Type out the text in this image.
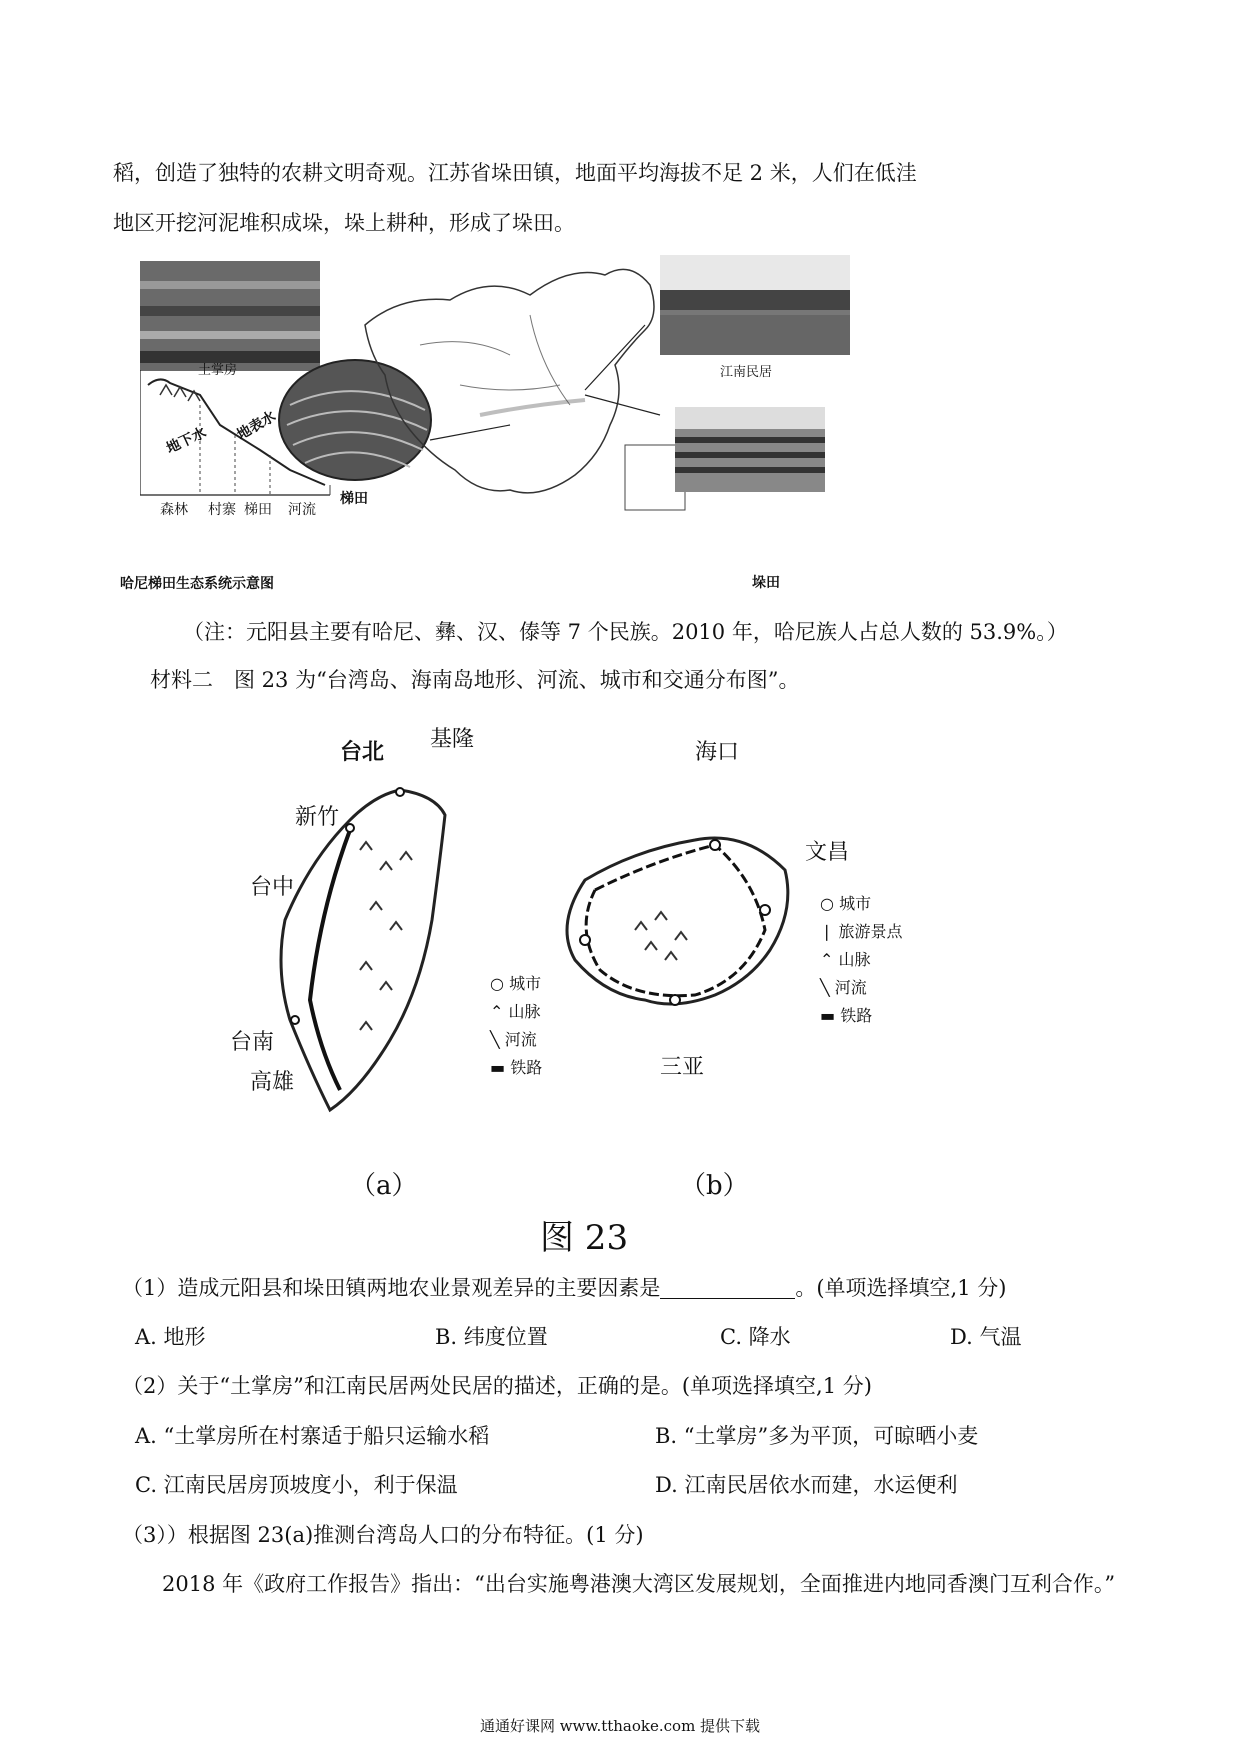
稻，创造了独特的农耕文明奇观。江苏省垛田镇，地面平均海拔不足 2 米，人们在低洼
地区开挖河泥堆积成垛，垛上耕种，形成了垛田。
土掌房
地下水 地表水
森林 村寨 梯田 河流
梯田
江南民居
垛田
哈尼梯田生态系统示意图
（注：元阳县主要有哈尼、彝、汉、傣等 7 个民族。2010 年，哈尼族人占总人数的 53.9%。）
材料二　图 23 为“台湾岛、海南岛地形、河流、城市和交通分布图”。
台北 基隆
新竹
台中
台南
高雄
○ 城市
⌃ 山脉
╲ 河流
▬ 铁路
海口
文昌
三亚
○ 城市
❘ 旅游景点
⌃ 山脉
╲ 河流
▬ 铁路
（a）	（b）
图 23
（1）造成元阳县和垛田镇两地农业景观差异的主要因素是	。(单项选择填空,1 分)
A. 地形	B. 纬度位置	C. 降水	D. 气温
（2）关于“土掌房”和江南民居两处民居的描述，正确的是。(单项选择填空,1 分)
A. “土掌房所在村寨适于船只运输水稻	B. “土掌房”多为平顶，可晾晒小麦
C. 江南民居房顶坡度小，利于保温	D. 江南民居依水而建，水运便利
（3））根据图 23(a)推测台湾岛人口的分布特征。(1 分)
2018 年《政府工作报告》指出：“出台实施粤港澳大湾区发展规划，全面推进内地同香澳门互利合作。”
通通好课网 www.tthaoke.com 提供下载
